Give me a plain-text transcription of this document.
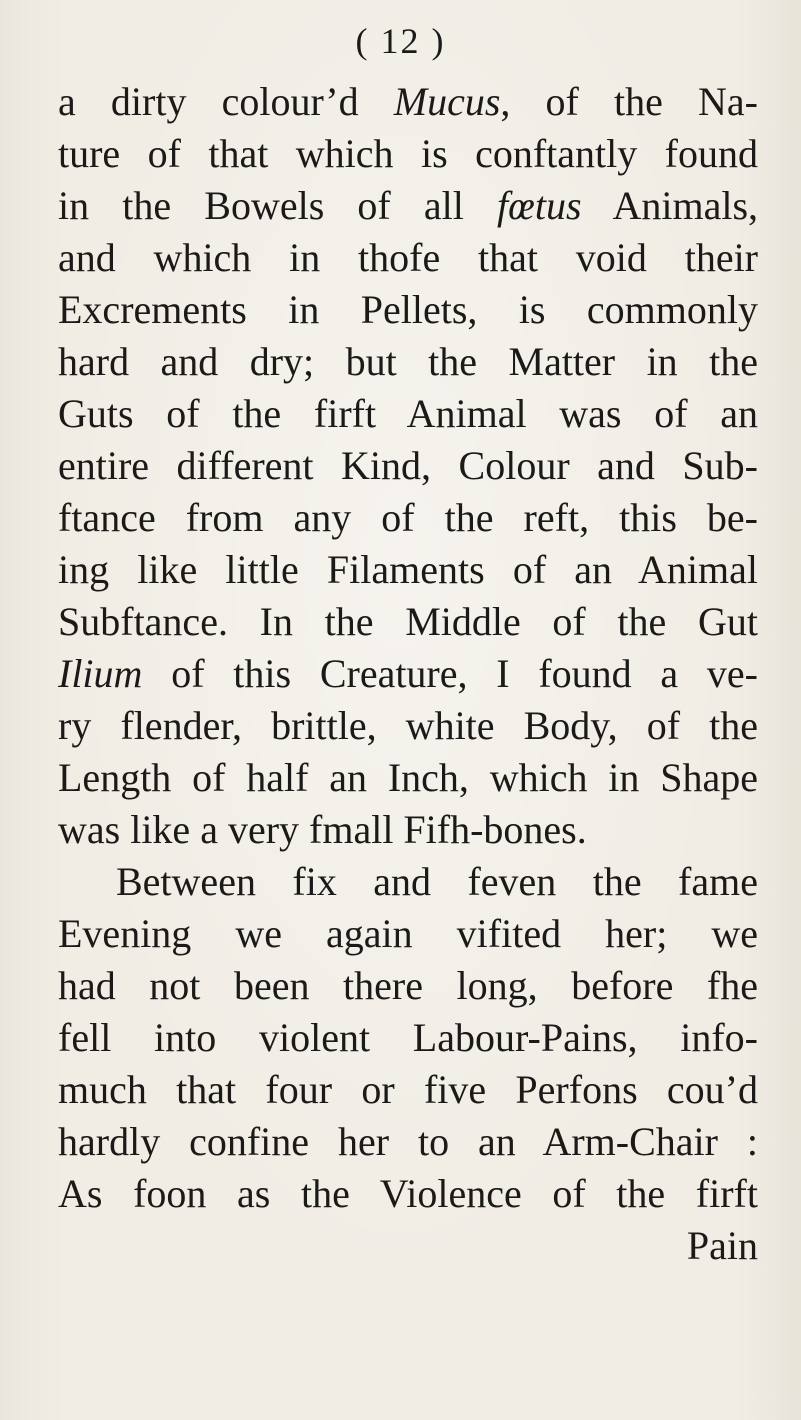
( 12 )
a dirty colour’d Mucus, of the Na-
ture of that which is conftantly found
in the Bowels of all fœtus Animals,
and which in thofe that void their
Excrements in Pellets, is commonly
hard and dry; but the Matter in the
Guts of the firft Animal was of an
entire different Kind, Colour and Sub-
ftance from any of the reft, this be-
ing like little Filaments of an Animal
Subftance. In the Middle of the Gut
Ilium of this Creature, I found a ve-
ry flender, brittle, white Body, of the
Length of half an Inch, which in Shape
was like a very fmall Fifh-bones.
Between fix and feven the fame
Evening we again vifited her; we
had not been there long, before fhe
fell into violent Labour-Pains, info-
much that four or five Perfons cou’d
hardly confine her to an Arm-Chair :
As foon as the Violence of the firft
Pain
